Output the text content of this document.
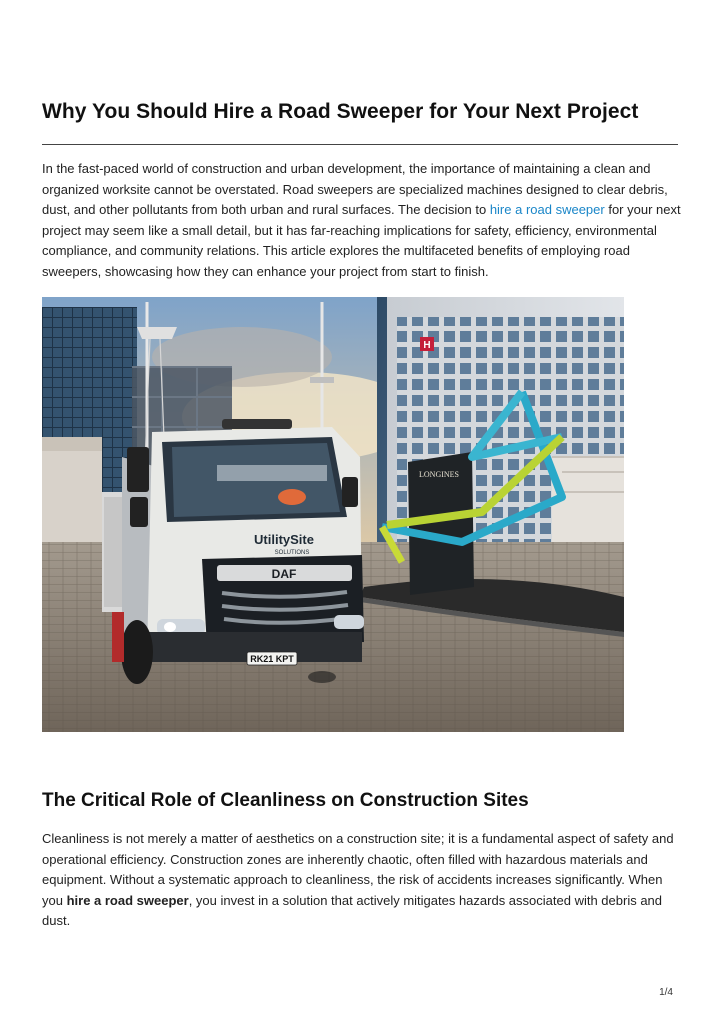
Why You Should Hire a Road Sweeper for Your Next Project

In the fast-paced world of construction and urban development, the importance of maintaining a clean and organized worksite cannot be overstated. Road sweepers are specialized machines designed to clear debris, dust, and other pollutants from both urban and rural surfaces. The decision to hire a road sweeper for your next project may seem like a small detail, but it has far-reaching implications for safety, efficiency, environmental compliance, and community relations. This article explores the multifaceted benefits of employing road sweepers, showcasing how they can enhance your project from start to finish.

H
LONGINES
UtilitySite
SOLUTIONS
DAF
RK21 KPT
The Critical Role of Cleanliness on Construction Sites

Cleanliness is not merely a matter of aesthetics on a construction site; it is a fundamental aspect of safety and operational efficiency. Construction zones are inherently chaotic, often filled with hazardous materials and equipment. Without a systematic approach to cleanliness, the risk of accidents increases significantly. When you hire a road sweeper, you invest in a solution that actively mitigates hazards associated with debris and dust.

1/4
